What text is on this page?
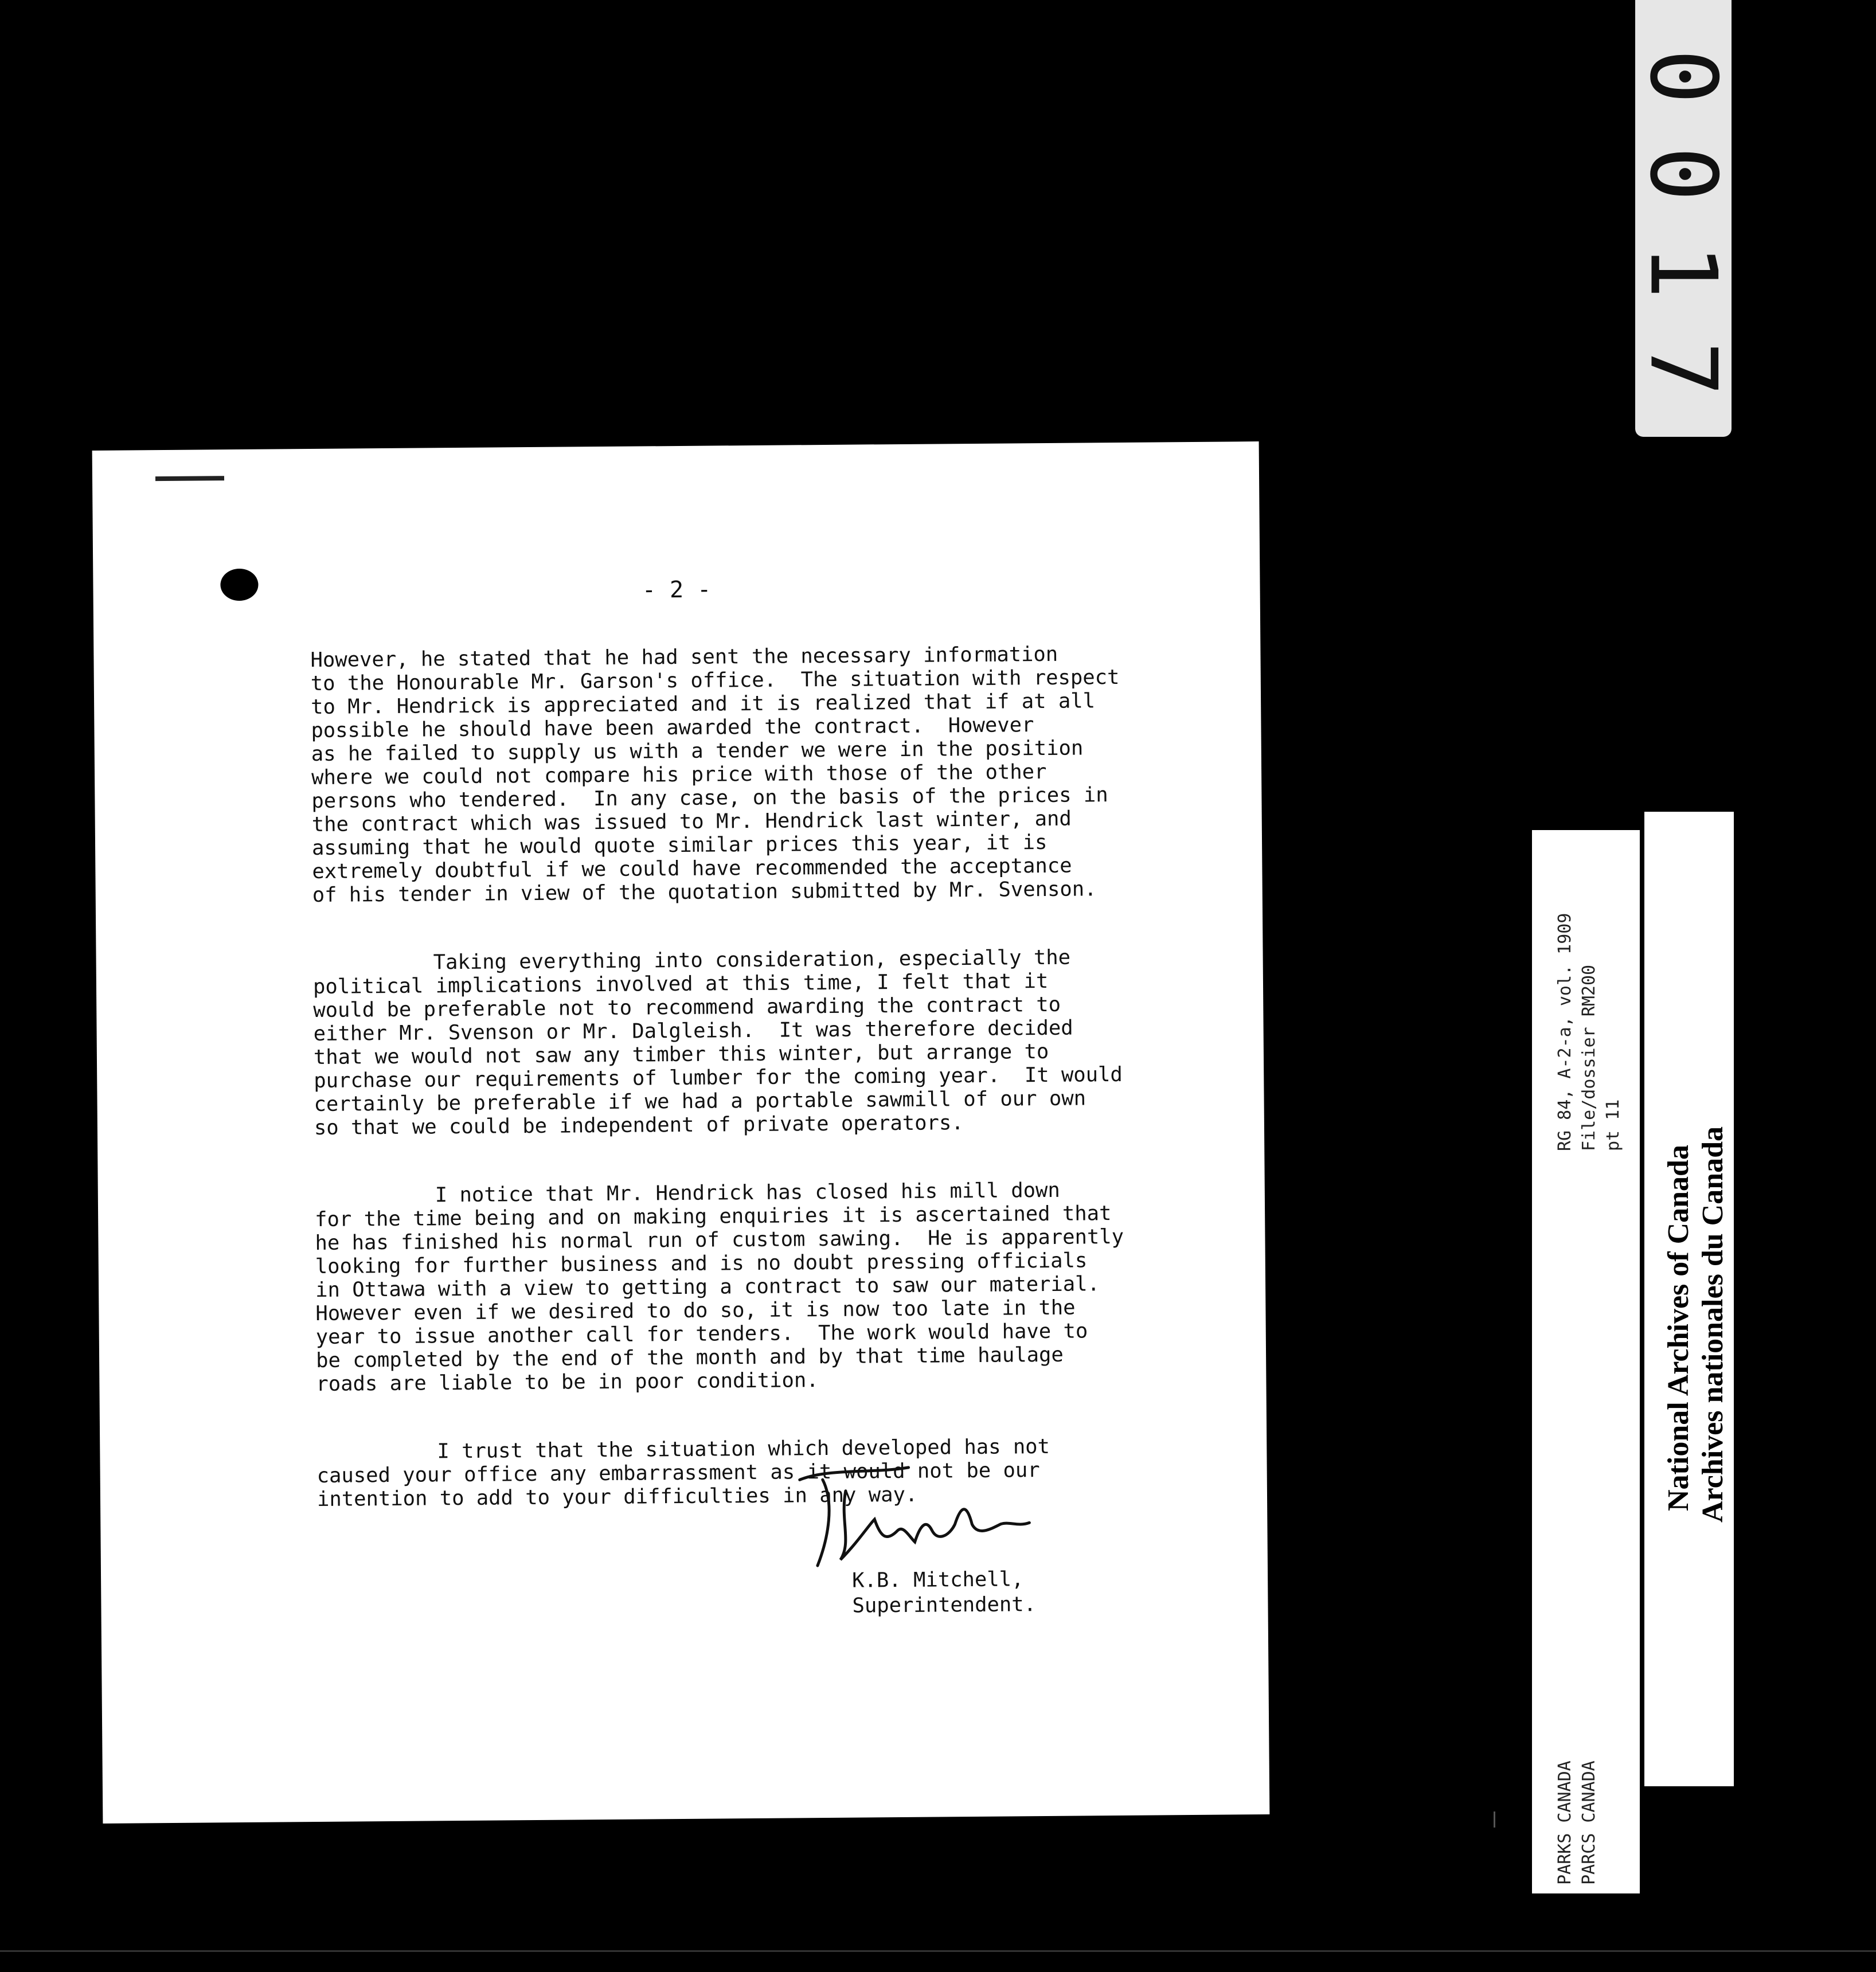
0
0
1
7
- 2 -
However, he stated that he had sent the necessary information
to the Honourable Mr. Garson's office.  The situation with respect
to Mr. Hendrick is appreciated and it is realized that if at all
possible he should have been awarded the contract.  However
as he failed to supply us with a tender we were in the position
where we could not compare his price with those of the other
persons who tendered.  In any case, on the basis of the prices in
the contract which was issued to Mr. Hendrick last winter, and
assuming that he would quote similar prices this year, it is
extremely doubtful if we could have recommended the acceptance
of his tender in view of the quotation submitted by Mr. Svenson.
Taking everything into consideration, especially the
political implications involved at this time, I felt that it
would be preferable not to recommend awarding the contract to
either Mr. Svenson or Mr. Dalgleish.  It was therefore decided
that we would not saw any timber this winter, but arrange to
purchase our requirements of lumber for the coming year.  It would
certainly be preferable if we had a portable sawmill of our own
so that we could be independent of private operators.
I notice that Mr. Hendrick has closed his mill down
for the time being and on making enquiries it is ascertained that
he has finished his normal run of custom sawing.  He is apparently
looking for further business and is no doubt pressing officials
in Ottawa with a view to getting a contract to saw our material.
However even if we desired to do so, it is now too late in the
year to issue another call for tenders.  The work would have to
be completed by the end of the month and by that time haulage
roads are liable to be in poor condition.
I trust that the situation which developed has not
caused your office any embarrassment as it would not be our
intention to add to your difficulties in any way.
K.B. Mitchell,
Superintendent.
RG 84, A-2-a, vol. 1909 File/dossier RM200 pt 11
PARKS CANADA PARCS CANADA
National Archives of Canada Archives nationales du Canada
